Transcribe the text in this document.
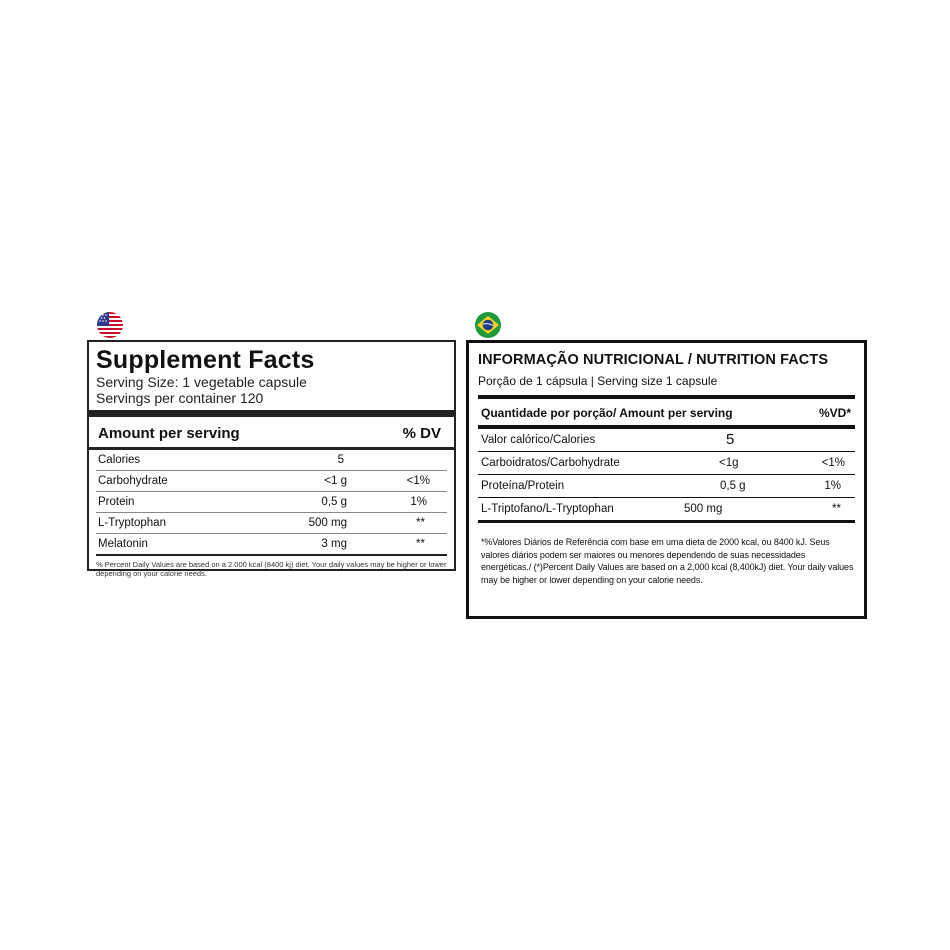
Supplement Facts
Serving Size: 1 vegetable capsule
Servings per container 120
Amount per serving	% DV
Calories	5
Carbohydrate	<1 g	<1%
Protein	0,5 g	1%
L-Tryptophan	500 mg	**
Melatonin	3 mg	**
% Percent Daily Values are based on a 2.000 kcal (8400 kj) diet. Your daily values may be higher or lower depending on your calorie needs.
INFORMAÇÃO NUTRICIONAL / NUTRITION FACTS
Porção de 1 cápsula | Serving size 1 capsule
Quantidade por porção/ Amount per serving	%VD*
Valor calórico/Calories	5
Carboidratos/Carbohydrate	<1g	<1%
Proteína/Protein	0,5 g	1%
L-Triptofano/L-Tryptophan	500 mg	**
*%Valores Diários de Referência com base em uma dieta de 2000 kcal, ou 8400 kJ. Seus valores diários podem ser maiores ou menores dependendo de suas necessidades energéticas./ (*)Percent Daily Values are based on a 2,000 kcal (8,400kJ) diet. Your daily values may be higher or lower depending on your calorie needs.
